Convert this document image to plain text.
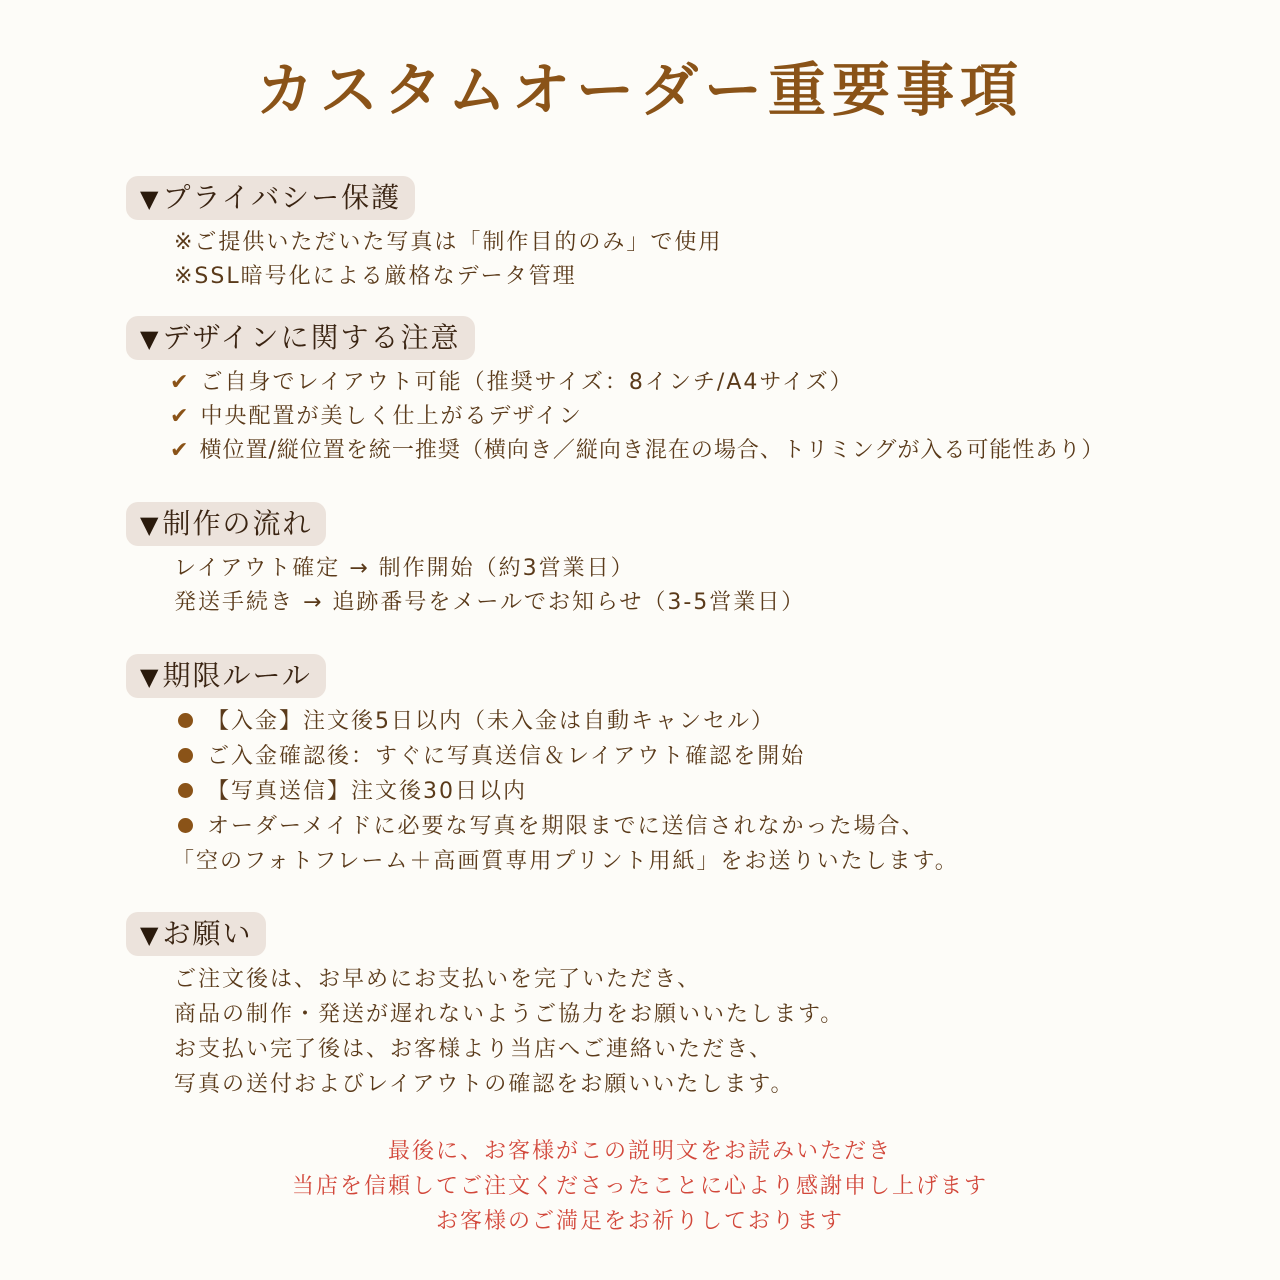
カスタムオーダー重要事項
▼プライバシー保護
※ご提供いただいた写真は「制作目的のみ」で使用
※SSL暗号化による厳格なデータ管理
▼デザインに関する注意
✔ ご自身でレイアウト可能（推奨サイズ：8インチ/A4サイズ）
✔ 中央配置が美しく仕上がるデザイン
✔ 横位置/縦位置を統一推奨（横向き／縦向き混在の場合、トリミングが入る可能性あり）
▼制作の流れ
レイアウト確定 → 制作開始（約3営業日）
発送手続き → 追跡番号をメールでお知らせ（3-5営業日）
▼期限ルール
【入金】注文後5日以内（未入金は自動キャンセル）
ご入金確認後：すぐに写真送信＆レイアウト確認を開始
【写真送信】注文後30日以内
オーダーメイドに必要な写真を期限までに送信されなかった場合、
「空のフォトフレーム＋高画質専用プリント用紙」をお送りいたします。
▼お願い
ご注文後は、お早めにお支払いを完了いただき、
商品の制作・発送が遅れないようご協力をお願いいたします。
お支払い完了後は、お客様より当店へご連絡いただき、
写真の送付およびレイアウトの確認をお願いいたします。
最後に、お客様がこの説明文をお読みいただき
当店を信頼してご注文くださったことに心より感謝申し上げます
お客様のご満足をお祈りしております
